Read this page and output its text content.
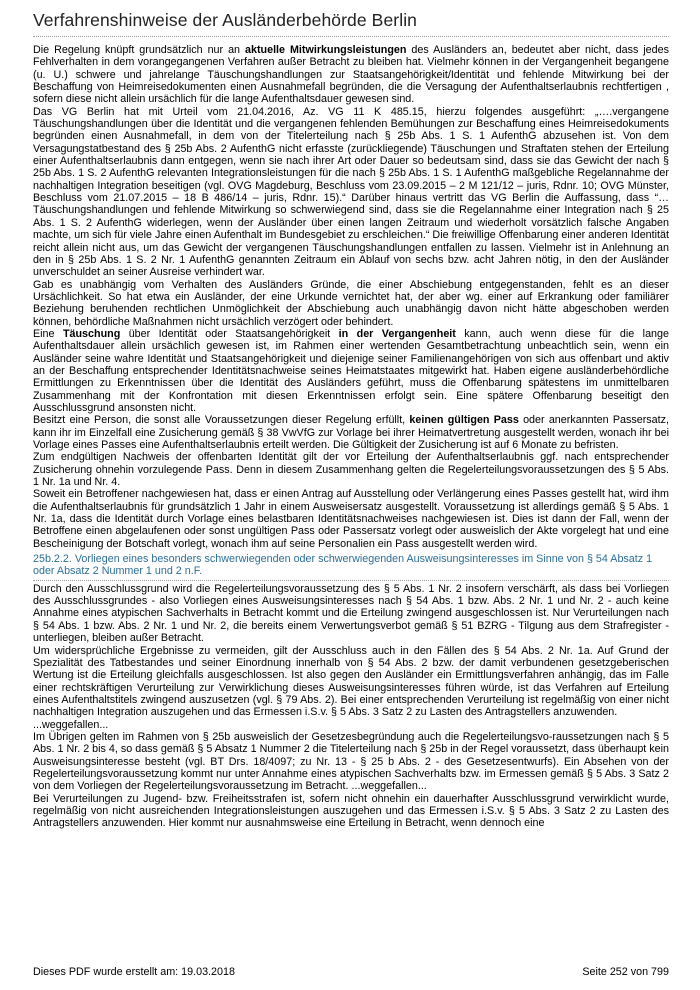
Verfahrenshinweise der Ausländerbehörde Berlin

Die Regelung knüpft grundsätzlich nur an aktuelle Mitwirkungsleistungen des Ausländers an, bedeutet aber nicht, dass jedes Fehlverhalten in dem vorangegangenen Verfahren außer Betracht zu bleiben hat. Vielmehr können in der Vergangenheit begangene (u. U.) schwere und jahrelange Täuschungshandlungen zur Staatsangehörigkeit/Identität und fehlende Mitwirkung bei der Beschaffung von Heimreisedokumenten einen Ausnahmefall begründen, die die Versagung der Aufenthaltserlaubnis rechtfertigen , sofern diese nicht allein ursächlich für die lange Aufenthaltsdauer gewesen sind.

Das VG Berlin hat mit Urteil vom 21.04.2016, Az. VG 11 K 485.15, hierzu folgendes ausgeführt: „….vergangene Täuschungshandlungen über die Identität und die vergangenen fehlenden Bemühungen zur Beschaffung eines Heimreisedokuments begründen einen Ausnahmefall, in dem von der Titelerteilung nach § 25b Abs. 1 S. 1 AufenthG abzusehen ist. Von dem Versagungstatbestand des § 25b Abs. 2 AufenthG nicht erfasste (zurückliegende) Täuschungen und Straftaten stehen der Erteilung einer Aufenthaltserlaubnis dann entgegen, wenn sie nach ihrer Art oder Dauer so bedeutsam sind, dass sie das Gewicht der nach § 25b Abs. 1 S. 2 AufenthG relevanten Integrationsleistungen für die nach § 25b Abs. 1 S. 1 AufenthG maßgebliche Regelannahme der nachhaltigen Integration beseitigen (vgl. OVG Magdeburg, Beschluss vom 23.09.2015 – 2 M 121/12 – juris, Rdnr. 10; OVG Münster, Beschluss vom 21.07.2015 – 18 B 486/14 – juris, Rdnr. 15).“ Darüber hinaus vertritt das VG Berlin die Auffassung, dass “…Täuschungshandlungen und fehlende Mitwirkung so schwerwiegend sind, dass sie die Regelannahme einer Integration nach § 25 Abs. 1 S. 2 AufenthG widerlegen, wenn der Ausländer über einen langen Zeitraum und wiederholt vorsätzlich falsche Angaben machte, um sich für viele Jahre einen Aufenthalt im Bundesgebiet zu erschleichen.“ Die freiwillige Offenbarung einer anderen Identität reicht allein nicht aus, um das Gewicht der vergangenen Täuschungshandlungen entfallen zu lassen. Vielmehr ist in Anlehnung an den in § 25b Abs. 1 S. 2 Nr. 1 AufenthG genannten Zeitraum ein Ablauf von sechs bzw. acht Jahren nötig, in den der Ausländer unverschuldet an seiner Ausreise verhindert war.

Gab es unabhängig vom Verhalten des Ausländers Gründe, die einer Abschiebung entgegenstanden, fehlt es an dieser Ursächlichkeit. So hat etwa ein Ausländer, der eine Urkunde vernichtet hat, der aber wg. einer auf Erkrankung oder familiärer Beziehung beruhenden rechtlichen Unmöglichkeit der Abschiebung auch unabhängig davon nicht hätte abgeschoben werden können, behördliche Maßnahmen nicht ursächlich verzögert oder behindert.

Eine Täuschung über Identität oder Staatsangehörigkeit in der Vergangenheit kann, auch wenn diese für die lange Aufenthaltsdauer allein ursächlich gewesen ist, im Rahmen einer wertenden Gesamtbetrachtung unbeachtlich sein, wenn ein Ausländer seine wahre Identität und Staatsangehörigkeit und diejenige seiner Familienangehörigen von sich aus offenbart und aktiv an der Beschaffung entsprechender Identitätsnachweise seines Heimatstaates mitgewirkt hat. Haben eigene ausländerbehördliche Ermittlungen zu Erkenntnissen über die Identität des Ausländers geführt, muss die Offenbarung spätestens im unmittelbaren Zusammenhang mit der Konfrontation mit diesen Erkenntnissen erfolgt sein. Eine spätere Offenbarung beseitigt den Ausschlussgrund ansonsten nicht.

Besitzt eine Person, die sonst alle Voraussetzungen dieser Regelung erfüllt, keinen gültigen Pass oder anerkannten Passersatz, kann ihr im Einzelfall eine Zusicherung gemäß § 38 VwVfG zur Vorlage bei ihrer Heimatvertretung ausgestellt werden, wonach ihr bei Vorlage eines Passes eine Aufenthaltserlaubnis erteilt werden. Die Gültigkeit der Zusicherung ist auf 6 Monate zu befristen.

Zum endgültigen Nachweis der offenbarten Identität gilt der vor Erteilung der Aufenthaltserlaubnis ggf. nach entsprechender Zusicherung ohnehin vorzulegende Pass. Denn in diesem Zusammenhang gelten die Regelerteilungsvoraussetzungen des § 5 Abs. 1 Nr. 1a und Nr. 4.

Soweit ein Betroffener nachgewiesen hat, dass er einen Antrag auf Ausstellung oder Verlängerung eines Passes gestellt hat, wird ihm die Aufenthaltserlaubnis für grundsätzlich 1 Jahr in einem Ausweisersatz ausgestellt. Voraussetzung ist allerdings gemäß § 5 Abs. 1 Nr. 1a, dass die Identität durch Vorlage eines belastbaren Identitätsnachweises nachgewiesen ist. Dies ist dann der Fall, wenn der Betroffene einen abgelaufenen oder sonst ungültigen Pass oder Passersatz vorlegt oder ausweislich der Akte vorgelegt hat und eine Bescheinigung der Botschaft vorlegt, wonach ihm auf seine Personalien ein Pass ausgestellt werden wird.

25b.2.2. Vorliegen eines besonders schwerwiegenden oder schwerwiegenden Ausweisungsinteresses im Sinne von § 54 Absatz 1 oder Absatz 2 Nummer 1 und 2 n.F.

Durch den Ausschlussgrund wird die Regelerteilungsvoraussetzung des § 5 Abs. 1 Nr. 2 insofern verschärft, als dass bei Vorliegen des Ausschlussgrundes - also Vorliegen eines Ausweisungsinteresses nach § 54 Abs. 1 bzw. Abs. 2 Nr. 1 und Nr. 2 - auch keine Annahme eines atypischen Sachverhalts in Betracht kommt und die Erteilung zwingend ausgeschlossen ist. Nur Verurteilungen nach § 54 Abs. 1 bzw. Abs. 2 Nr. 1 und Nr. 2, die bereits einem Verwertungsverbot gemäß § 51 BZRG - Tilgung aus dem Strafregister - unterliegen, bleiben außer Betracht.

Um widersprüchliche Ergebnisse zu vermeiden, gilt der Ausschluss auch in den Fällen des § 54 Abs. 2 Nr. 1a. Auf Grund der Spezialität des Tatbestandes und seiner Einordnung innerhalb von § 54 Abs. 2 bzw. der damit verbundenen gesetzgeberischen Wertung ist die Erteilung gleichfalls ausgeschlossen. Ist also gegen den Ausländer ein Ermittlungsverfahren anhängig, das im Falle einer rechtskräftigen Verurteilung zur Verwirklichung dieses Ausweisungsinteresses führen würde, ist das Verfahren auf Erteilung eines Aufenthaltstitels zwingend auszusetzen (vgl. § 79 Abs. 2). Bei einer entsprechenden Verurteilung ist regelmäßig von einer nicht nachhaltigen Integration auszugehen und das Ermessen i.S.v. § 5 Abs. 3 Satz 2 zu Lasten des Antragstellers anzuwenden.

...weggefallen...

Im Übrigen gelten im Rahmen von § 25b ausweislich der Gesetzesbegründung auch die Regelerteilungsvo-raussetzungen nach § 5 Abs. 1 Nr. 2 bis 4, so dass gemäß § 5 Absatz 1 Nummer 2 die Titelerteilung nach § 25b in der Regel voraussetzt, dass überhaupt kein Ausweisungsinteresse besteht (vgl. BT Drs. 18/4097; zu Nr. 13 - § 25 b Abs. 2 - des Gesetzesentwurfs). Ein Absehen von der Regelerteilungsvoraussetzung kommt nur unter Annahme eines atypischen Sachverhalts bzw. im Ermessen gemäß § 5 Abs. 3 Satz 2 von dem Vorliegen der Regelerteilungsvoraussetzung im Betracht. ...weggefallen...

Bei Verurteilungen zu Jugend- bzw. Freiheitsstrafen ist, sofern nicht ohnehin ein dauerhafter Ausschlussgrund verwirklicht wurde, regelmäßig von nicht ausreichenden Integrationsleistungen auszugehen und das Ermessen i.S.v. § 5 Abs. 3 Satz 2 zu Lasten des Antragstellers anzuwenden. Hier kommt nur ausnahmsweise eine Erteilung in Betracht, wenn dennoch eine

Dieses PDF wurde erstellt am: 19.03.2018	Seite 252 von 799
